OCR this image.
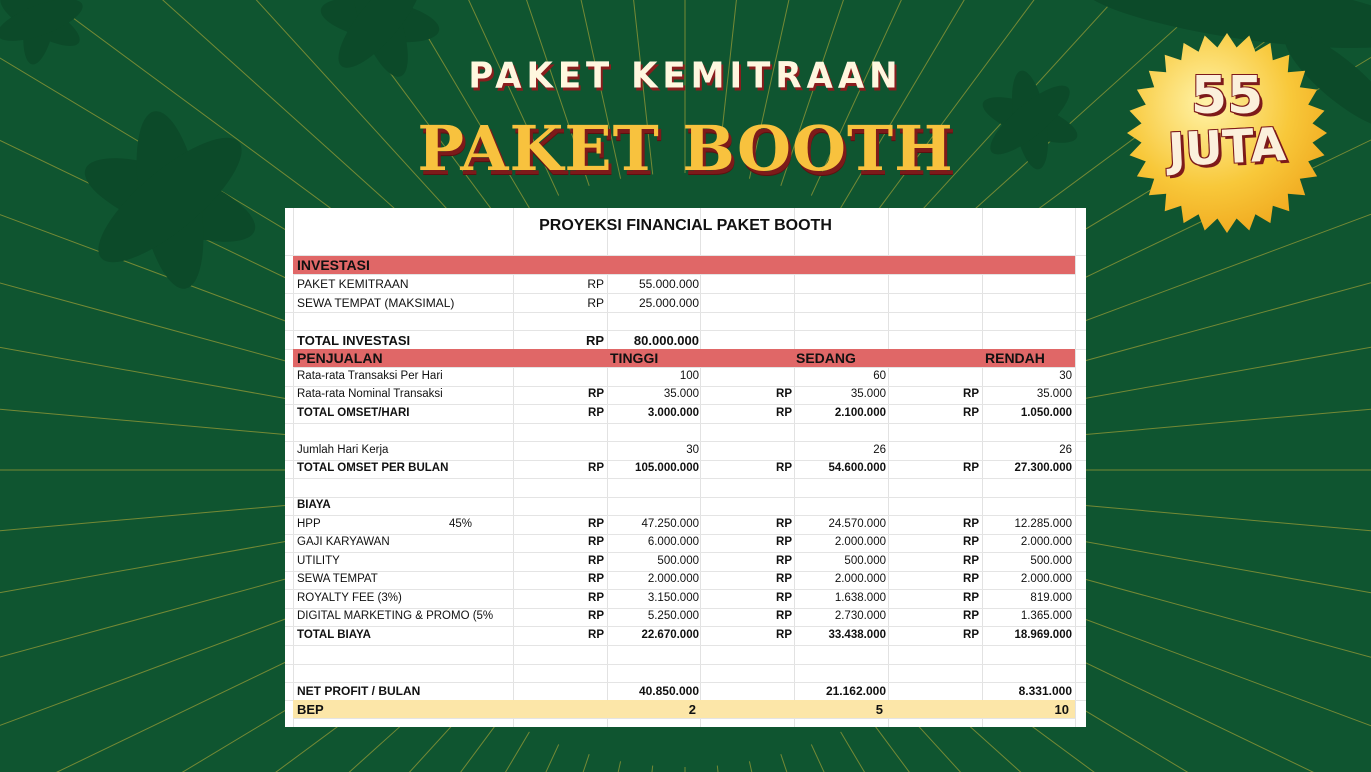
PAKET KEMITRAAN
PAKET BOOTH
55
JUTA
PROYEKSI FINANCIAL PAKET BOOTH
INVESTASI
PAKET KEMITRAAN	RP	55.000.000
SEWA TEMPAT (MAKSIMAL)	RP	25.000.000
TOTAL INVESTASI	RP 80.000.000
PENJUALAN	TINGGI	SEDANG	RENDAH
Rata-rata Transaksi Per Hari	100	60	30
Rata-rata Nominal Transaksi	RP	35.000	RP	35.000	RP	35.000
TOTAL OMSET/HARI	RP	3.000.000	RP	2.100.000	RP	1.050.000
Jumlah Hari Kerja	30	26	26
TOTAL OMSET PER BULAN	RP	105.000.000	RP	54.600.000	RP	27.300.000
BIAYA
HPP	45%	RP	47.250.000	RP	24.570.000	RP	12.285.000
GAJI KARYAWAN	RP	6.000.000	RP	2.000.000	RP	2.000.000
UTILITY	RP	500.000	RP	500.000	RP	500.000
SEWA TEMPAT	RP	2.000.000	RP	2.000.000	RP	2.000.000
ROYALTY FEE (3%)	RP	3.150.000	RP	1.638.000	RP	819.000
DIGITAL MARKETING & PROMO (5%	RP	5.250.000	RP	2.730.000	RP	1.365.000
TOTAL BIAYA	RP	22.670.000	RP	33.438.000	RP	18.969.000
NET PROFIT / BULAN	40.850.000	21.162.000	8.331.000
BEP	2	5	10
